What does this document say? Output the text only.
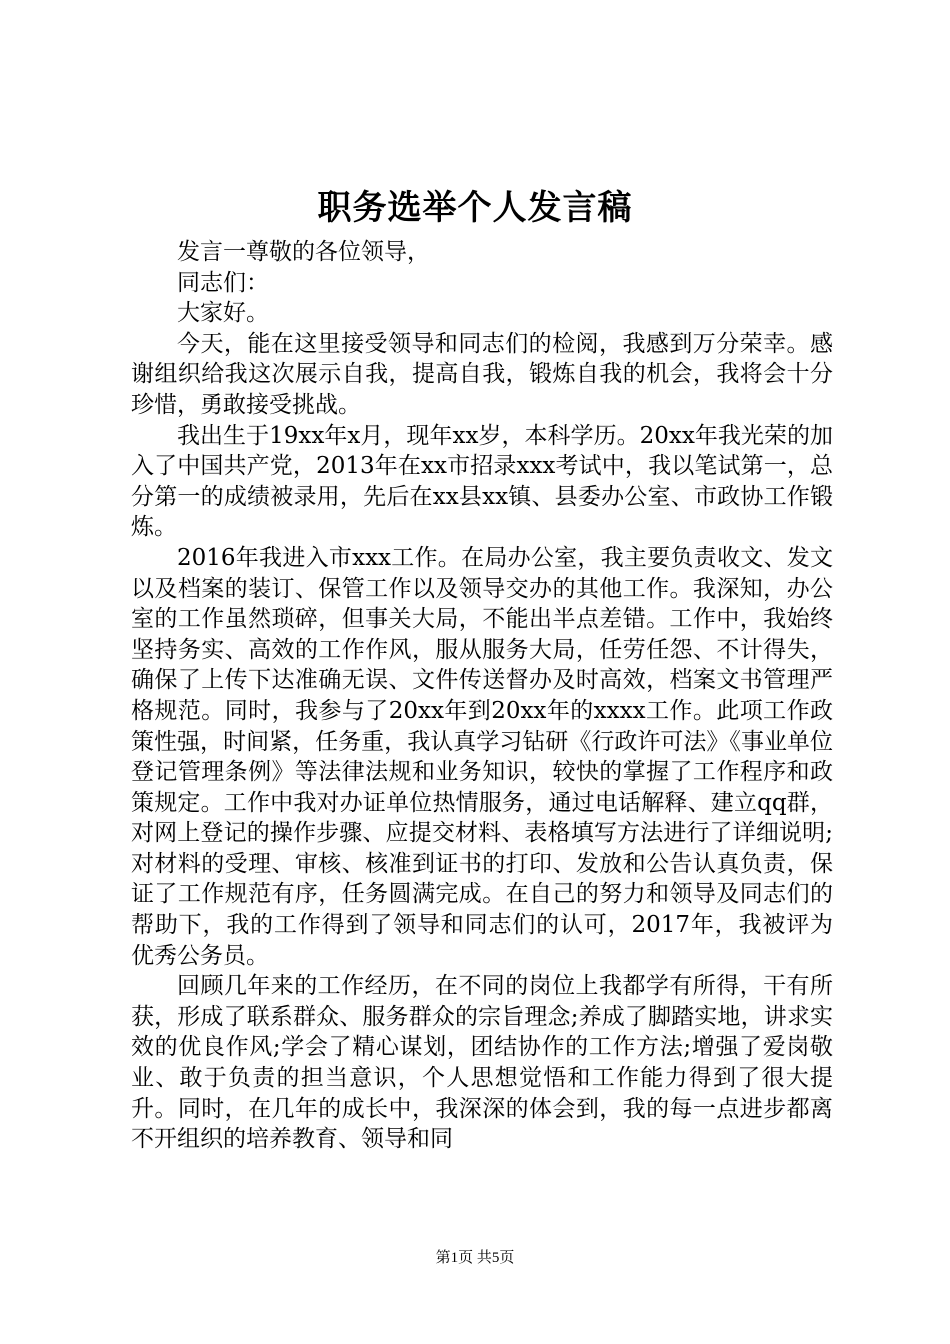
职务选举个人发言稿

发言一尊敬的各位领导，

同志们：

大家好。

今天，能在这里接受领导和同志们的检阅，我感到万分荣幸。感谢组织给我这次展示自我，提高自我，锻炼自我的机会，我将会十分珍惜，勇敢接受挑战。

我出生于19xx年x月，现年xx岁，本科学历。20xx年我光荣的加入了中国共产党，2013年在xx市招录xxx考试中，我以笔试第一，总分第一的成绩被录用，先后在xx县xx镇、县委办公室、市政协工作锻炼。

2016年我进入市xxx工作。在局办公室，我主要负责收文、发文以及档案的装订、保管工作以及领导交办的其他工作。我深知，办公室的工作虽然琐碎，但事关大局，不能出半点差错。工作中，我始终坚持务实、高效的工作作风，服从服务大局，任劳任怨、不计得失，确保了上传下达准确无误、文件传送督办及时高效，档案文书管理严格规范。同时，我参与了20xx年到20xx年的xxxx工作。此项工作政策性强，时间紧，任务重，我认真学习钻研《行政许可法》《事业单位登记管理条例》等法律法规和业务知识，较快的掌握了工作程序和政策规定。工作中我对办证单位热情服务，通过电话解释、建立qq群，对网上登记的操作步骤、应提交材料、表格填写方法进行了详细说明;对材料的受理、审核、核准到证书的打印、发放和公告认真负责，保证了工作规范有序，任务圆满完成。在自己的努力和领导及同志们的帮助下，我的工作得到了领导和同志们的认可，2017年，我被评为优秀公务员。

回顾几年来的工作经历，在不同的岗位上我都学有所得，干有所获，形成了联系群众、服务群众的宗旨理念;养成了脚踏实地，讲求实效的优良作风;学会了精心谋划，团结协作的工作方法;增强了爱岗敬业、敢于负责的担当意识，个人思想觉悟和工作能力得到了很大提升。同时，在几年的成长中，我深深的体会到，我的每一点进步都离不开组织的培养教育、领导和同

第1页 共5页
